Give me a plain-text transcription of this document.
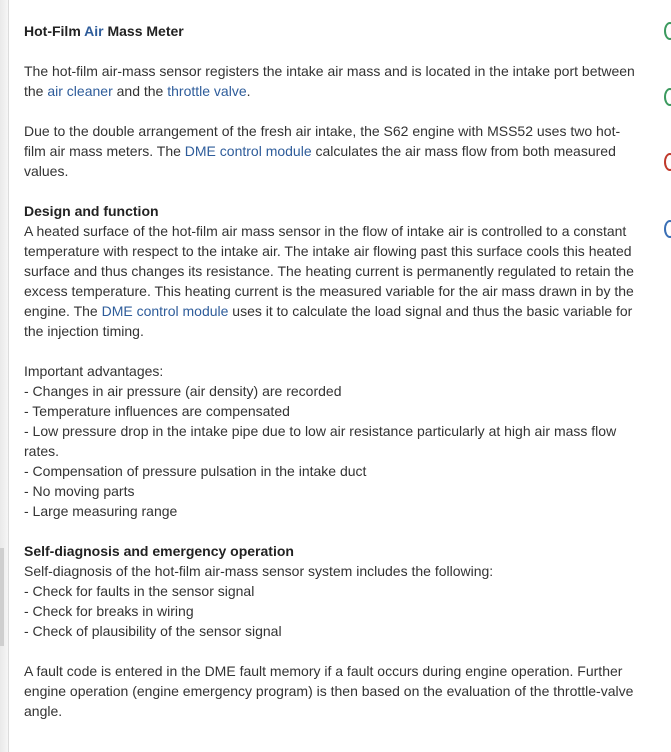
Hot-Film Air Mass Meter

The hot-film air-mass sensor registers the intake air mass and is located in the intake port between the air cleaner and the throttle valve.

Due to the double arrangement of the fresh air intake, the S62 engine with MSS52 uses two hot-film air mass meters. The DME control module calculates the air mass flow from both measured values.

Design and function

A heated surface of the hot-film air mass sensor in the flow of intake air is controlled to a constant temperature with respect to the intake air. The intake air flowing past this surface cools this heated surface and thus changes its resistance. The heating current is permanently regulated to retain the excess temperature. This heating current is the measured variable for the air mass drawn in by the engine. The DME control module uses it to calculate the load signal and thus the basic variable for the injection timing.

Important advantages:

- Changes in air pressure (air density) are recorded
- Temperature influences are compensated
- Low pressure drop in the intake pipe due to low air resistance particularly at high air mass flow rates.
- Compensation of pressure pulsation in the intake duct
- No moving parts
- Large measuring range

Self-diagnosis and emergency operation

Self-diagnosis of the hot-film air-mass sensor system includes the following:

- Check for faults in the sensor signal
- Check for breaks in wiring
- Check of plausibility of the sensor signal

A fault code is entered in the DME fault memory if a fault occurs during engine operation. Further engine operation (engine emergency program) is then based on the evaluation of the throttle-valve angle.
